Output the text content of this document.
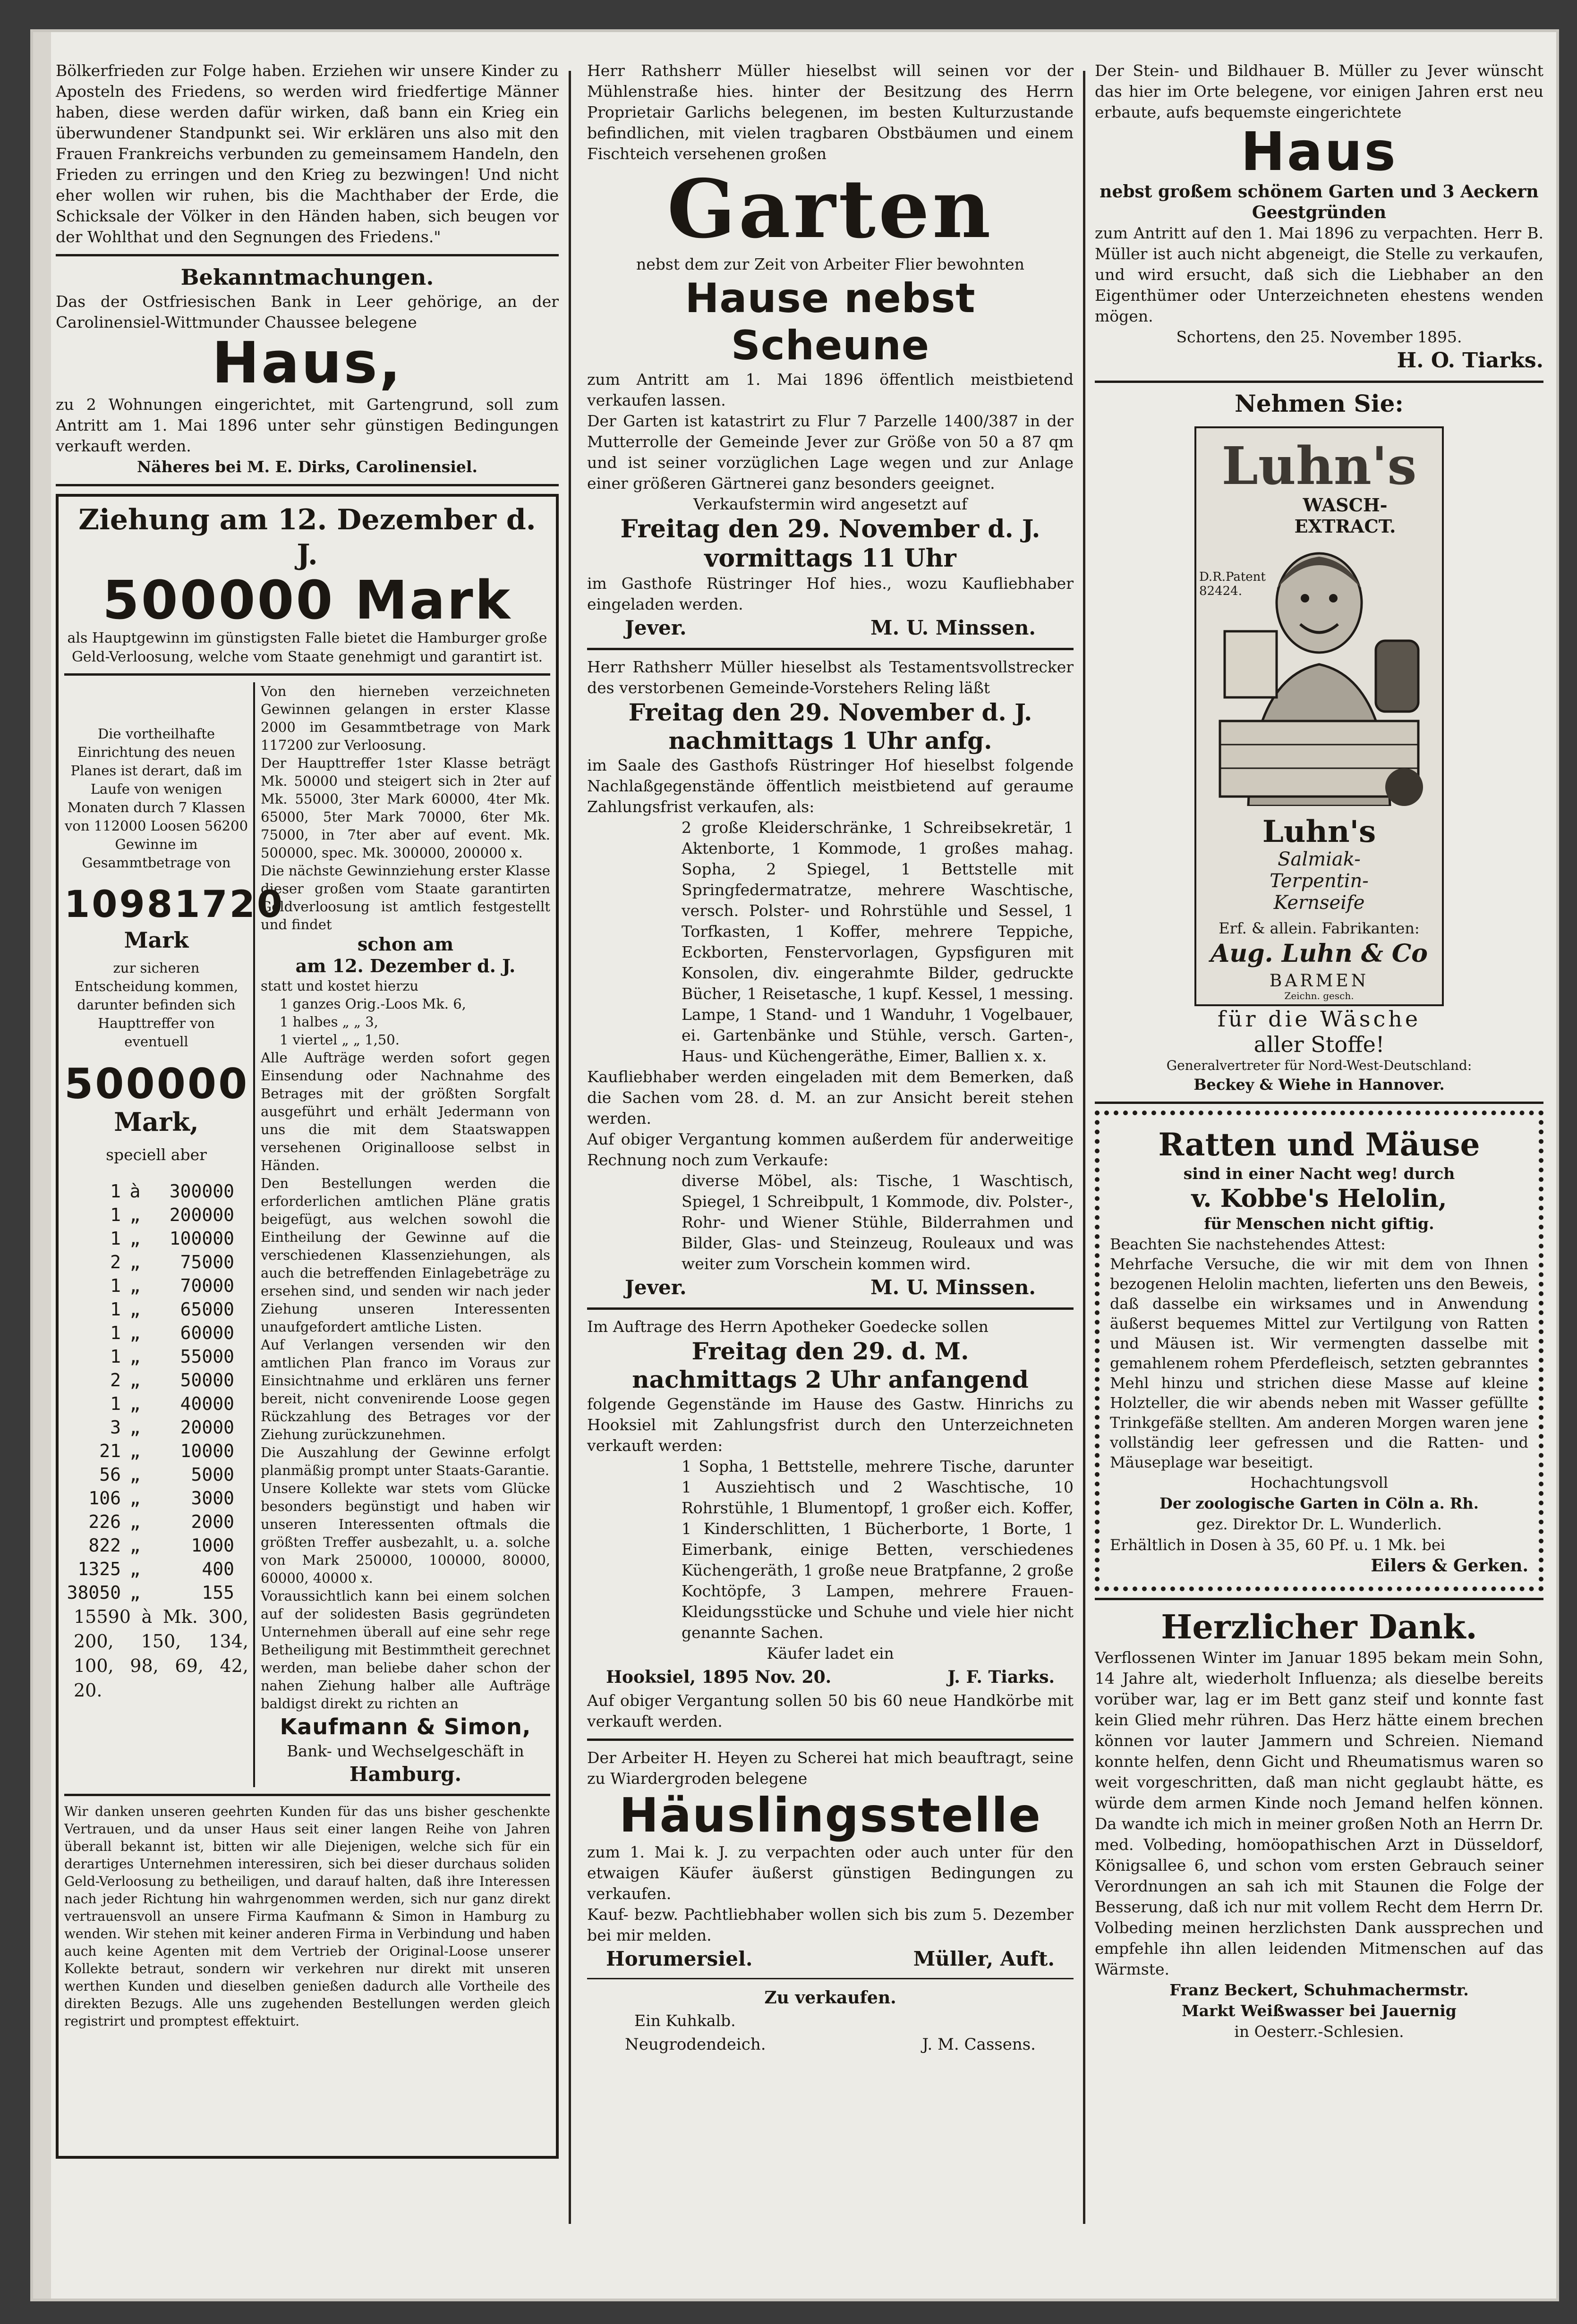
Bölkerfrieden zur Folge haben. Erziehen wir unsere Kinder zu Aposteln des Friedens, so werden wird friedfertige Männer haben, diese werden dafür wirken, daß bann ein Krieg ein überwundener Standpunkt sei. Wir erklären uns also mit den Frauen Frankreichs verbunden zu gemeinsamem Handeln, den Frieden zu erringen und den Krieg zu bezwingen! Und nicht eher wollen wir ruhen, bis die Machthaber der Erde, die Schicksale der Völker in den Händen haben, sich beugen vor der Wohlthat und den Segnungen des Friedens."

Bekanntmachungen.

Das der Ostfriesischen Bank in Leer gehörige, an der Carolinensiel-Wittmunder Chaussee belegene

Haus,

zu 2 Wohnungen eingerichtet, mit Gartengrund, soll zum Antritt am 1. Mai 1896 unter sehr günstigen Bedingungen verkauft werden.

Näheres bei M. E. Dirks, Carolinensiel.

Ziehung am 12. Dezember d. J.

500000 Mark

als Hauptgewinn im günstigsten Falle bietet die Hamburger große Geld-Verloosung, welche vom Staate genehmigt und garantirt ist.

Die vortheilhafte Einrichtung des neuen Planes ist derart, daß im Laufe von wenigen Monaten durch 7 Klassen von 112000 Loosen 56200 Gewinne im Gesammtbetrage von

10981720

Mark

zur sicheren Entscheidung kommen, darunter befinden sich Haupttreffer von eventuell

500000

Mark,

speciell aber

1 à	300000
1 „	200000
1 „	100000
2 „	75000
1 „	70000
1 „	65000
1 „	60000
1 „	55000
2 „	50000
1 „	40000
3 „	20000
21 „	10000
56 „	5000
106 „	3000
226 „	2000
822 „	1000
1325 „	400
38050 „	155

15590 à Mk. 300, 200, 150, 134, 100, 98, 69, 42, 20.

Von den hierneben verzeichneten Gewinnen gelangen in erster Klasse 2000 im Gesammtbetrage von Mark 117200 zur Verloosung.

Der Haupttreffer 1ster Klasse beträgt Mk. 50000 und steigert sich in 2ter auf Mk. 55000, 3ter Mark 60000, 4ter Mk. 65000, 5ter Mark 70000, 6ter Mk. 75000, in 7ter aber auf event. Mk. 500000, spec. Mk. 300000, 200000 x.

Die nächste Gewinnziehung erster Klasse dieser großen vom Staate garantirten Geldverloosung ist amtlich festgestellt und findet

schon am

am 12. Dezember d. J.

statt und kostet hierzu

1 ganzes Orig.-Loos Mk. 6,

1 halbes „ „ 3,

1 viertel „ „ 1,50.

Alle Aufträge werden sofort gegen Einsendung oder Nachnahme des Betrages mit der größten Sorgfalt ausgeführt und erhält Jedermann von uns die mit dem Staatswappen versehenen Originalloose selbst in Händen.

Den Bestellungen werden die erforderlichen amtlichen Pläne gratis beigefügt, aus welchen sowohl die Eintheilung der Gewinne auf die verschiedenen Klassenziehungen, als auch die betreffenden Einlagebeträge zu ersehen sind, und senden wir nach jeder Ziehung unseren Interessenten unaufgefordert amtliche Listen.

Auf Verlangen versenden wir den amtlichen Plan franco im Voraus zur Einsichtnahme und erklären uns ferner bereit, nicht convenirende Loose gegen Rückzahlung des Betrages vor der Ziehung zurückzunehmen.

Die Auszahlung der Gewinne erfolgt planmäßig prompt unter Staats-Garantie.

Unsere Kollekte war stets vom Glücke besonders begünstigt und haben wir unseren Interessenten oftmals die größten Treffer ausbezahlt, u. a. solche von Mark 250000, 100000, 80000, 60000, 40000 x.

Voraussichtlich kann bei einem solchen auf der solidesten Basis gegründeten Unternehmen überall auf eine sehr rege Betheiligung mit Bestimmtheit gerechnet werden, man beliebe daher schon der nahen Ziehung halber alle Aufträge baldigst direkt zu richten an

Kaufmann & Simon,

Bank- und Wechselgeschäft in

Hamburg.

Wir danken unseren geehrten Kunden für das uns bisher geschenkte Vertrauen, und da unser Haus seit einer langen Reihe von Jahren überall bekannt ist, bitten wir alle Diejenigen, welche sich für ein derartiges Unternehmen interessiren, sich bei dieser durchaus soliden Geld-Verloosung zu betheiligen, und darauf halten, daß ihre Interessen nach jeder Richtung hin wahrgenommen werden, sich nur ganz direkt vertrauensvoll an unsere Firma Kaufmann & Simon in Hamburg zu wenden. Wir stehen mit keiner anderen Firma in Verbindung und haben auch keine Agenten mit dem Vertrieb der Original-Loose unserer Kollekte betraut, sondern wir verkehren nur direkt mit unseren werthen Kunden und dieselben genießen dadurch alle Vortheile des direkten Bezugs. Alle uns zugehenden Bestellungen werden gleich registrirt und promptest effektuirt.

Herr Rathsherr Müller hieselbst will seinen vor der Mühlenstraße hies. hinter der Besitzung des Herrn Proprietair Garlichs belegenen, im besten Kulturzustande befindlichen, mit vielen tragbaren Obstbäumen und einem Fischteich versehenen großen

Garten

nebst dem zur Zeit von Arbeiter Flier bewohnten

Hause nebst Scheune

zum Antritt am 1. Mai 1896 öffentlich meistbietend verkaufen lassen.

Der Garten ist katastrirt zu Flur 7 Parzelle 1400/387 in der Mutterrolle der Gemeinde Jever zur Größe von 50 a 87 qm und ist seiner vorzüglichen Lage wegen und zur Anlage einer größeren Gärtnerei ganz besonders geeignet.

Verkaufstermin wird angesetzt auf

Freitag den 29. November d. J.

vormittags 11 Uhr

im Gasthofe Rüstringer Hof hies., wozu Kaufliebhaber eingeladen werden.

Jever.	M. U. Minssen.

Herr Rathsherr Müller hieselbst als Testamentsvollstrecker des verstorbenen Gemeinde-Vorstehers Reling läßt

Freitag den 29. November d. J.

nachmittags 1 Uhr anfg.

im Saale des Gasthofs Rüstringer Hof hieselbst folgende Nachlaßgegenstände öffentlich meistbietend auf geraume Zahlungsfrist verkaufen, als:

2 große Kleiderschränke, 1 Schreibsekretär, 1 Aktenborte, 1 Kommode, 1 großes mahag. Sopha, 2 Spiegel, 1 Bettstelle mit Springfedermatratze, mehrere Waschtische, versch. Polster- und Rohrstühle und Sessel, 1 Torfkasten, 1 Koffer, mehrere Teppiche, Eckborten, Fenstervorlagen, Gypsfiguren mit Konsolen, div. eingerahmte Bilder, gedruckte Bücher, 1 Reisetasche, 1 kupf. Kessel, 1 messing. Lampe, 1 Stand- und 1 Wanduhr, 1 Vogelbauer, ei. Gartenbänke und Stühle, versch. Garten-, Haus- und Küchengeräthe, Eimer, Ballien x. x.

Kaufliebhaber werden eingeladen mit dem Bemerken, daß die Sachen vom 28. d. M. an zur Ansicht bereit stehen werden.

Auf obiger Vergantung kommen außerdem für anderweitige Rechnung noch zum Verkaufe:

diverse Möbel, als: Tische, 1 Waschtisch, Spiegel, 1 Schreibpult, 1 Kommode, div. Polster-, Rohr- und Wiener Stühle, Bilderrahmen und Bilder, Glas- und Steinzeug, Rouleaux und was weiter zum Vorschein kommen wird.

Jever.	M. U. Minssen.

Im Auftrage des Herrn Apotheker Goedecke sollen

Freitag den 29. d. M.

nachmittags 2 Uhr anfangend

folgende Gegenstände im Hause des Gastw. Hinrichs zu Hooksiel mit Zahlungsfrist durch den Unterzeichneten verkauft werden:

1 Sopha, 1 Bettstelle, mehrere Tische, darunter 1 Ausziehtisch und 2 Waschtische, 10 Rohrstühle, 1 Blumentopf, 1 großer eich. Koffer, 1 Kinderschlitten, 1 Bücherborte, 1 Borte, 1 Eimerbank, einige Betten, verschiedenes Küchengeräth, 1 große neue Bratpfanne, 2 große Kochtöpfe, 3 Lampen, mehrere Frauen-Kleidungsstücke und Schuhe und viele hier nicht genannte Sachen.

Käufer ladet ein

Hooksiel, 1895 Nov. 20.	J. F. Tiarks.

Auf obiger Vergantung sollen 50 bis 60 neue Handkörbe mit verkauft werden.

Der Arbeiter H. Heyen zu Scherei hat mich beauftragt, seine zu Wiardergroden belegene

Häuslingsstelle

zum 1. Mai k. J. zu verpachten oder auch unter für den etwaigen Käufer äußerst günstigen Bedingungen zu verkaufen.

Kauf- bezw. Pachtliebhaber wollen sich bis zum 5. Dezember bei mir melden.

Horumersiel.	Müller, Auft.

Zu verkaufen.

Ein Kuhkalb.

Neugrodendeich.	J. M. Cassens.

Der Stein- und Bildhauer B. Müller zu Jever wünscht das hier im Orte belegene, vor einigen Jahren erst neu erbaute, aufs bequemste eingerichtete

Haus

nebst großem schönem Garten und 3 Aeckern Geestgründen

zum Antritt auf den 1. Mai 1896 zu verpachten. Herr B. Müller ist auch nicht abgeneigt, die Stelle zu verkaufen, und wird ersucht, daß sich die Liebhaber an den Eigenthümer oder Unterzeichneten ehestens wenden mögen.

Schortens, den 25. November 1895.

H. O. Tiarks.

Nehmen Sie:

Luhn's
WASCH-EXTRACT.
D.R.Patent 82424.
Luhn's
Salmiak-
Terpentin-
Kernseife
Erf. & allein. Fabrikanten:
Aug. Luhn & Co
BARMEN
Zeichn. gesch.

für die Wäsche

aller Stoffe!

Generalvertreter für Nord-West-Deutschland:

Beckey & Wiehe in Hannover.

Ratten und Mäuse

sind in einer Nacht weg! durch

v. Kobbe's Helolin,

für Menschen nicht giftig.

Beachten Sie nachstehendes Attest:

Mehrfache Versuche, die wir mit dem von Ihnen bezogenen Helolin machten, lieferten uns den Beweis, daß dasselbe ein wirksames und in Anwendung äußerst bequemes Mittel zur Vertilgung von Ratten und Mäusen ist. Wir vermengten dasselbe mit gemahlenem rohem Pferdefleisch, setzten gebranntes Mehl hinzu und strichen diese Masse auf kleine Holzteller, die wir abends neben mit Wasser gefüllte Trinkgefäße stellten. Am anderen Morgen waren jene vollständig leer gefressen und die Ratten- und Mäuseplage war beseitigt.

Hochachtungsvoll

Der zoologische Garten in Cöln a. Rh.

gez. Direktor Dr. L. Wunderlich.

Erhältlich in Dosen à 35, 60 Pf. u. 1 Mk. bei

Eilers & Gerken.

Herzlicher Dank.

Verflossenen Winter im Januar 1895 bekam mein Sohn, 14 Jahre alt, wiederholt Influenza; als dieselbe bereits vorüber war, lag er im Bett ganz steif und konnte fast kein Glied mehr rühren. Das Herz hätte einem brechen können vor lauter Jammern und Schreien. Niemand konnte helfen, denn Gicht und Rheumatismus waren so weit vorgeschritten, daß man nicht geglaubt hätte, es würde dem armen Kinde noch Jemand helfen können. Da wandte ich mich in meiner großen Noth an Herrn Dr. med. Volbeding, homöopathischen Arzt in Düsseldorf, Königsallee 6, und schon vom ersten Gebrauch seiner Verordnungen an sah ich mit Staunen die Folge der Besserung, daß ich nur mit vollem Recht dem Herrn Dr. Volbeding meinen herzlichsten Dank aussprechen und empfehle ihn allen leidenden Mitmenschen auf das Wärmste.

Franz Beckert, Schuhmachermstr.

Markt Weißwasser bei Jauernig

in Oesterr.-Schlesien.
